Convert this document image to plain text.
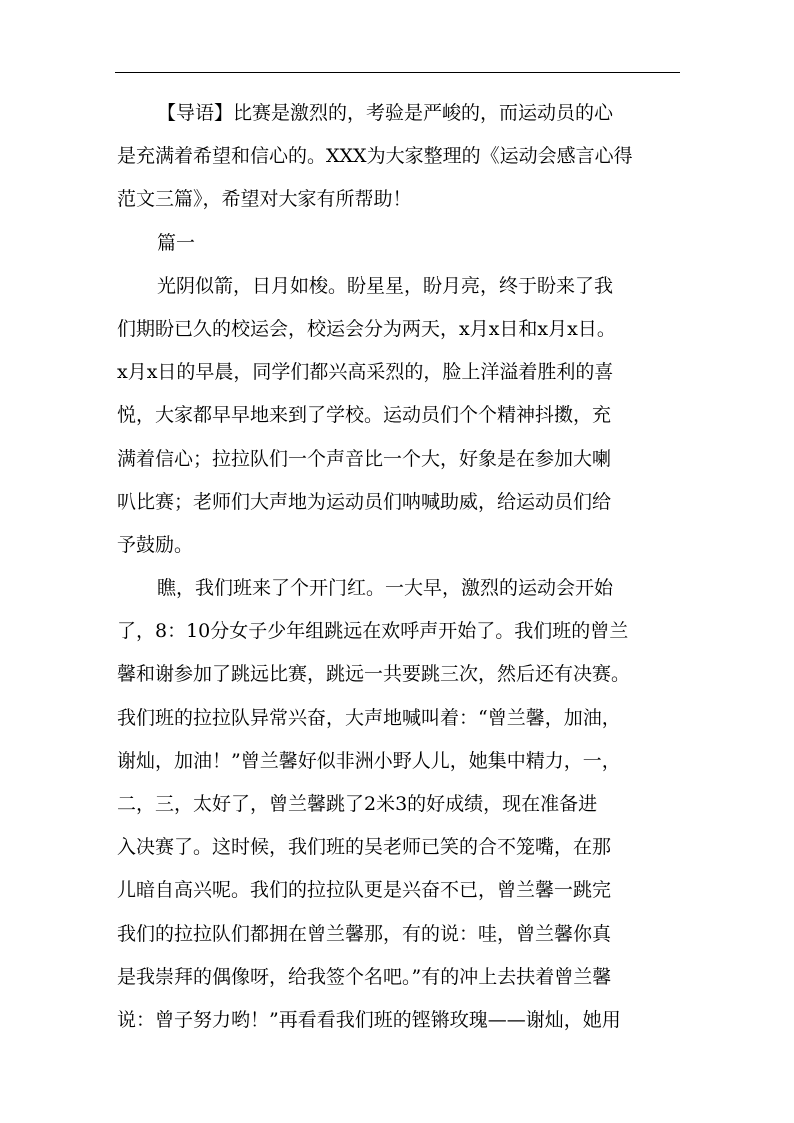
【导语】比赛是激烈的，考验是严峻的，而运动员的心
是充满着希望和信心的。XXX为大家整理的《运动会感言心得
范文三篇》，希望对大家有所帮助！
篇一
光阴似箭，日月如梭。盼星星，盼月亮，终于盼来了我
们期盼已久的校运会，校运会分为两天，x月x日和x月x日。
x月x日的早晨，同学们都兴高采烈的，脸上洋溢着胜利的喜
悦，大家都早早地来到了学校。运动员们个个精神抖擞，充
满着信心；拉拉队们一个声音比一个大，好象是在参加大喇
叭比赛；老师们大声地为运动员们呐喊助威，给运动员们给
予鼓励。
瞧，我们班来了个开门红。一大早，激烈的运动会开始
了，8：10分女子少年组跳远在欢呼声开始了。我们班的曾兰
馨和谢参加了跳远比赛，跳远一共要跳三次，然后还有决赛。
我们班的拉拉队异常兴奋，大声地喊叫着：“曾兰馨，加油，
谢灿，加油！”曾兰馨好似非洲小野人儿，她集中精力，一，
二，三，太好了，曾兰馨跳了2米3的好成绩，现在准备进
入决赛了。这时候，我们班的吴老师已笑的合不笼嘴，在那
儿暗自高兴呢。我们的拉拉队更是兴奋不已，曾兰馨一跳完
我们的拉拉队们都拥在曾兰馨那，有的说：哇，曾兰馨你真
是我崇拜的偶像呀，给我签个名吧。”有的冲上去扶着曾兰馨
说：曾子努力哟！”再看看我们班的铿锵玫瑰——谢灿，她用
